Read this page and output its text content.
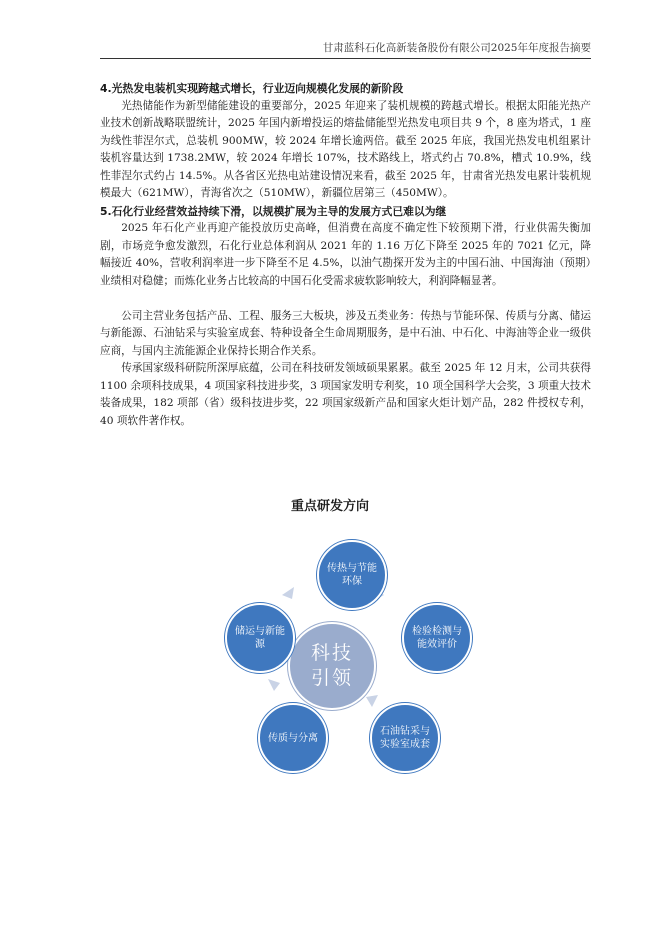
甘肃蓝科石化高新装备股份有限公司2025年年度报告摘要
4.光热发电装机实现跨越式增长，行业迈向规模化发展的新阶段

光热储能作为新型储能建设的重要部分，2025 年迎来了装机规模的跨越式增长。根据太阳能光热产业技术创新战略联盟统计，2025 年国内新增投运的熔盐储能型光热发电项目共 9 个，8 座为塔式，1 座为线性菲涅尔式，总装机 900MW，较 2024 年增长逾两倍。截至 2025 年底，我国光热发电机组累计装机容量达到 1738.2MW，较 2024 年增长 107%，技术路线上，塔式约占 70.8%，槽式 10.9%，线性菲涅尔式约占 14.5%。从各省区光热电站建设情况来看，截至 2025 年，甘肃省光热发电累计装机规模最大（621MW），青海省次之（510MW），新疆位居第三（450MW）。

5.石化行业经营效益持续下滑，以规模扩展为主导的发展方式已难以为继

2025 年石化产业再迎产能投放历史高峰，但消费在高度不确定性下较预期下滑，行业供需失衡加剧，市场竞争愈发激烈，石化行业总体利润从 2021 年的 1.16 万亿下降至 2025 年的 7021 亿元，降幅接近 40%，营收利润率进一步下降至不足 4.5%，以油气勘探开发为主的中国石油、中国海油（预期）业绩相对稳健；而炼化业务占比较高的中国石化受需求疲软影响较大，利润降幅显著。

公司主营业务包括产品、工程、服务三大板块，涉及五类业务：传热与节能环保、传质与分离、储运与新能源、石油钻采与实验室成套、特种设备全生命周期服务，是中石油、中石化、中海油等企业一级供应商，与国内主流能源企业保持长期合作关系。

传承国家级科研院所深厚底蕴，公司在科技研发领域硕果累累。截至 2025 年 12 月末，公司共获得 1100 余项科技成果，4 项国家科技进步奖，3 项国家发明专利奖，10 项全国科学大会奖，3 项重大技术装备成果，182 项部（省）级科技进步奖，22 项国家级新产品和国家火炬计划产品，282 件授权专利，40 项软件著作权。

重点研发方向
科技
引领
传热与节能环保
检验检测与能效评价
石油钻采与实验室成套
传质与分离
储运与新能源
